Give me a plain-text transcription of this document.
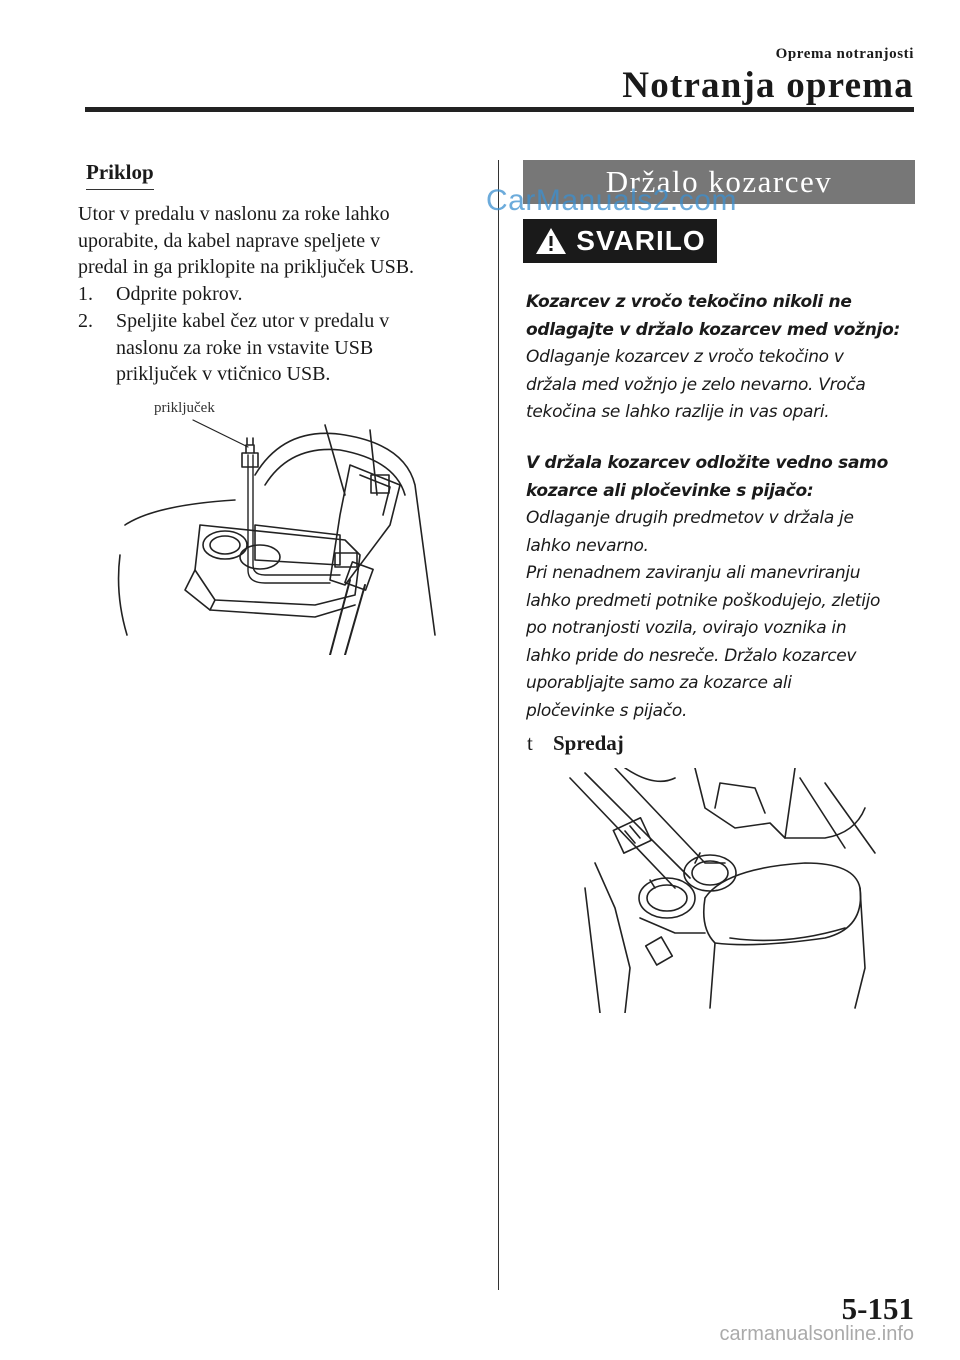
Oprema notranjosti
Notranja oprema
Priklop
Utor v predalu v naslonu za roke lahko
uporabite, da kabel naprave speljete v
predal in ga priklopite na priključek USB.
1. Odprite pokrov.
2. Speljite kabel čez utor v predalu v
naslonu za roke in vstavite USB
priključek v vtičnico USB.
priključek
Držalo kozarcev
CarManuals2.com
SVARILO
Kozarcev z vročo tekočino nikoli ne
odlagajte v držalo kozarcev med vožnjo:
Odlaganje kozarcev z vročo tekočino v
držala med vožnjo je zelo nevarno. Vroča
tekočina se lahko razlije in vas opari.
V držala kozarcev odložite vedno samo
kozarce ali pločevinke s pijačo:
Odlaganje drugih predmetov v držala je
lahko nevarno.
Pri nenadnem zaviranju ali manevriranju
lahko predmeti potnike poškodujejo, zletijo
po notranjosti vozila, ovirajo voznika in
lahko pride do nesreče. Držalo kozarcev
uporabljajte samo za kozarce ali
pločevinke s pijačo.
t Spredaj
5-151
carmanualsonline.info
